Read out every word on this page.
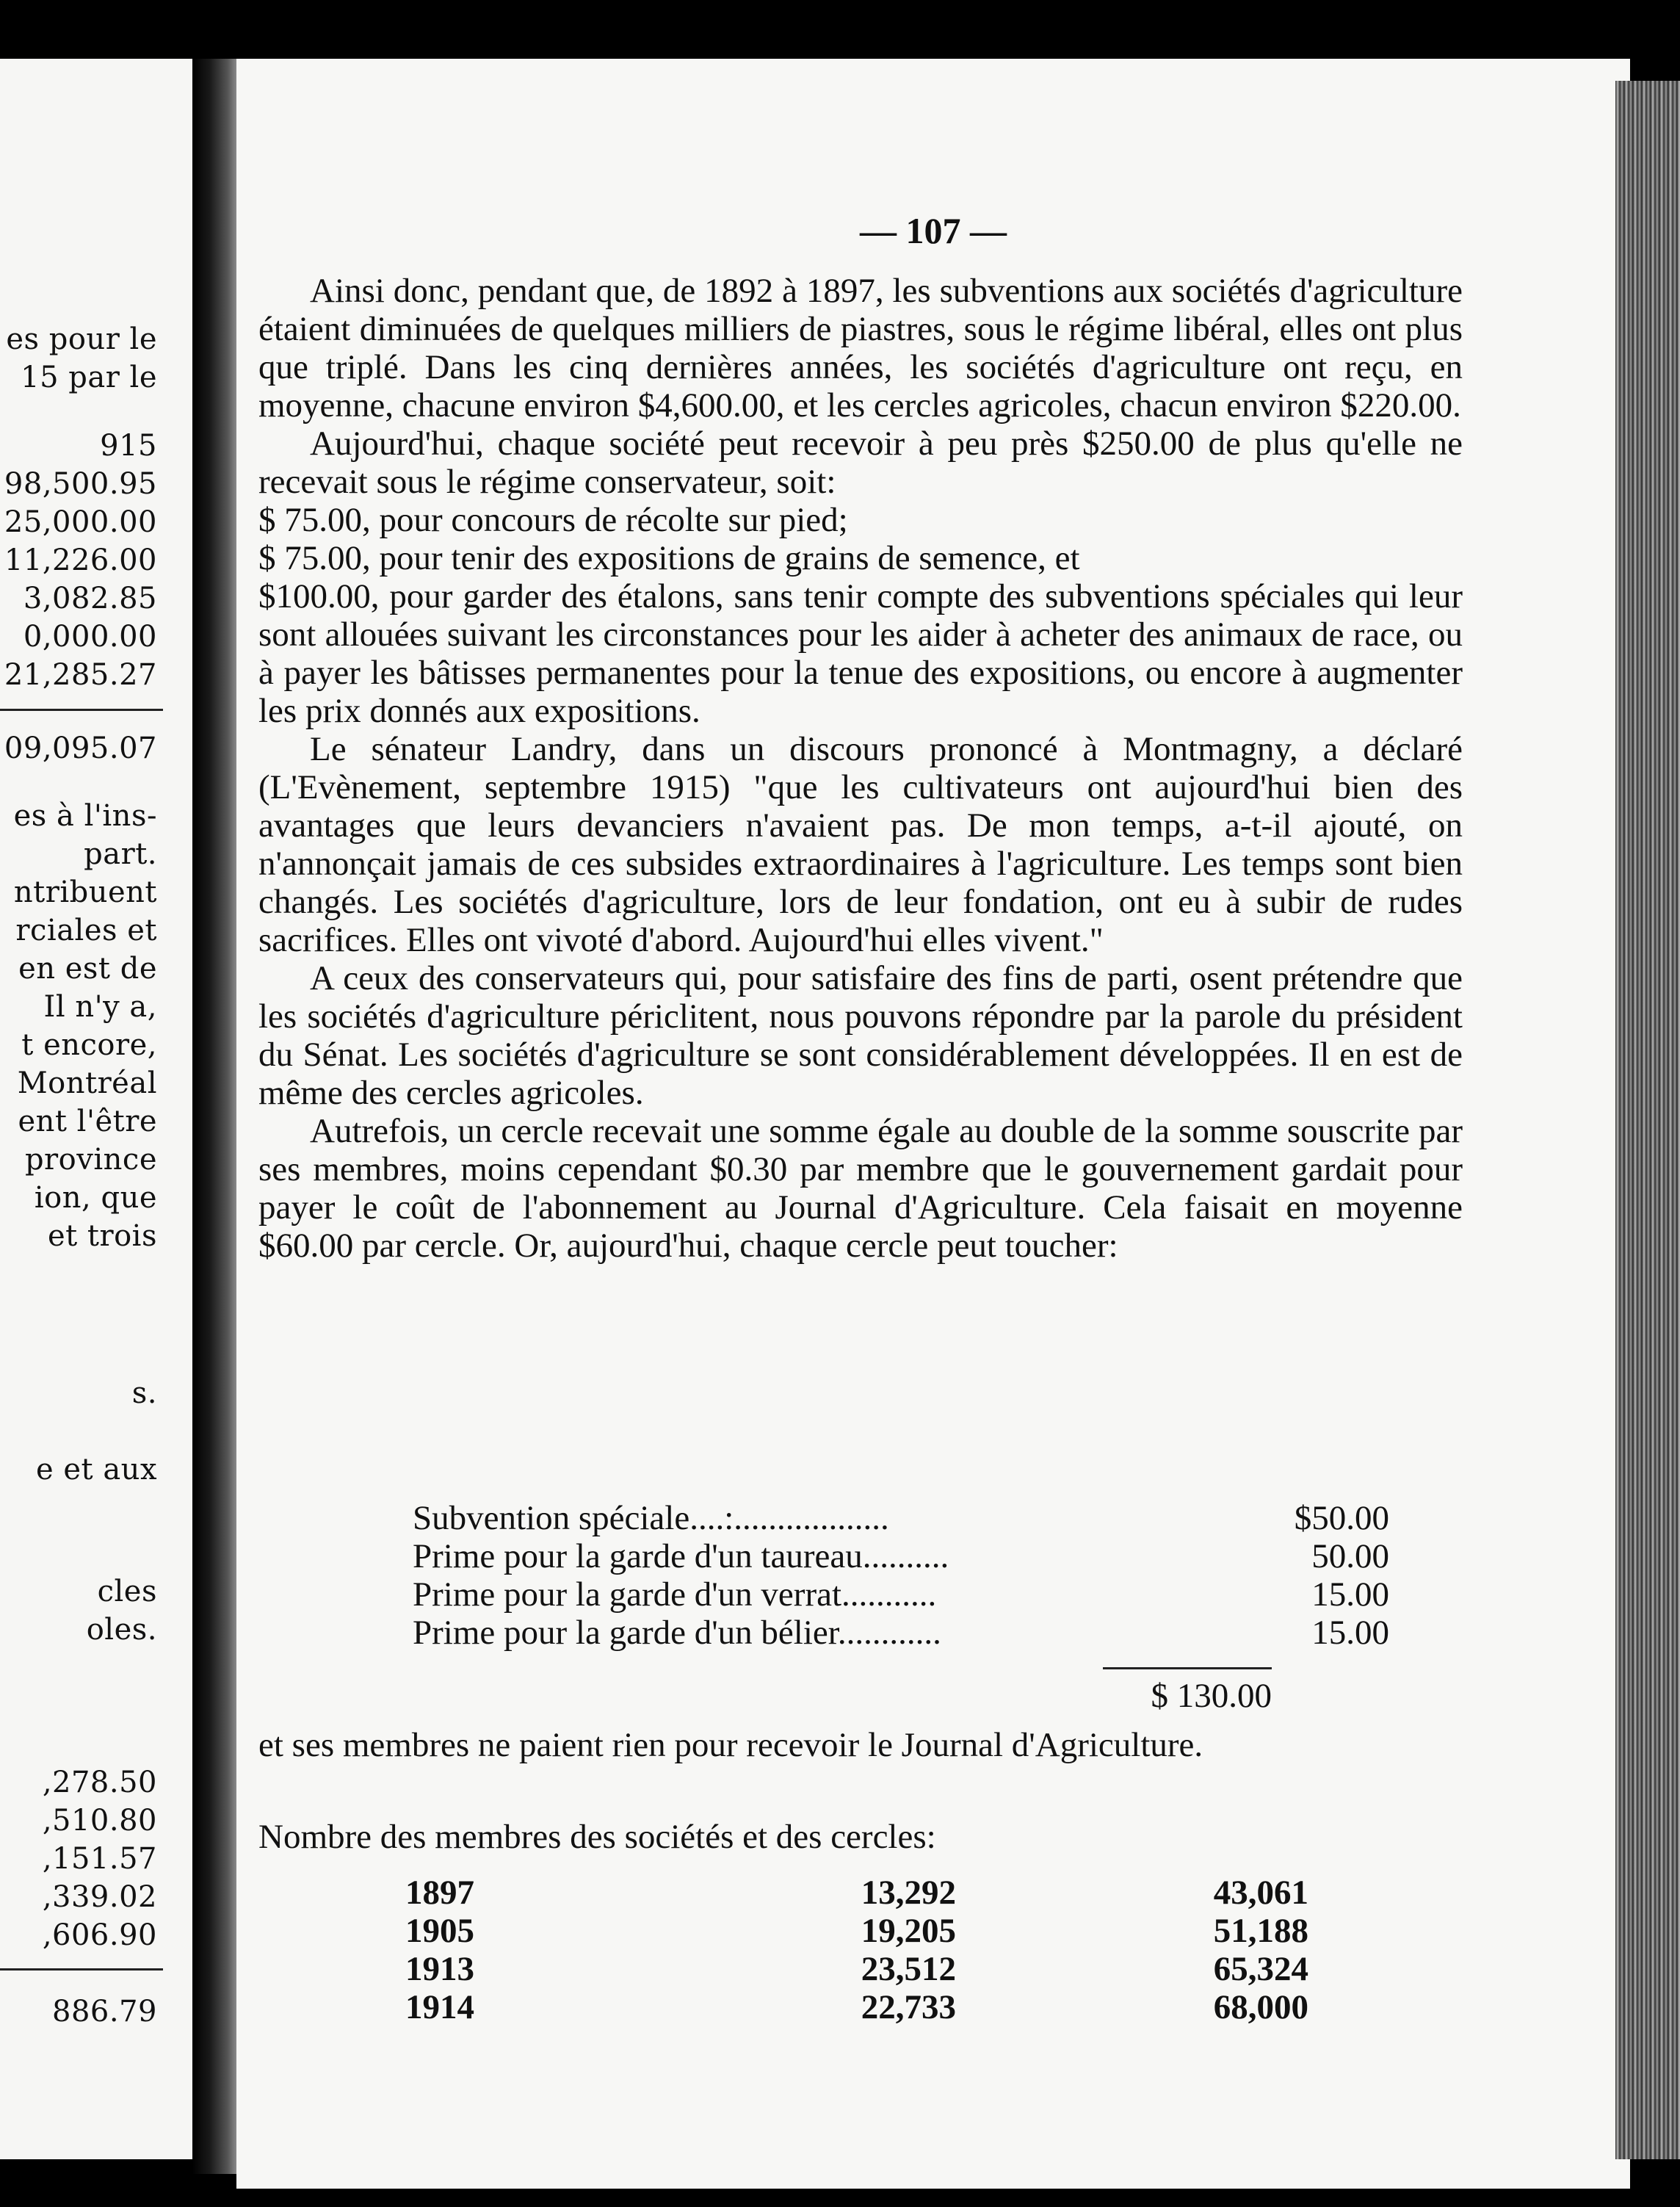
es pour le
15 par le
915
98,500.95
25,000.00
11,226.00
3,082.85
0,000.00
21,285.27
09,095.07
es à l'ins-
part.
ntribuent
rciales et
en est de
Il n'y a,
t encore,
Montréal
ent l'être
province
ion, que
et trois
s.
e et aux
cles
oles.
,278.50
,510.80
,151.57
,339.02
,606.90
886.79
— 107 —

Ainsi donc, pendant que, de 1892 à 1897, les subventions aux sociétés d'agriculture étaient diminuées de quelques milliers de piastres, sous le régime libéral, elles ont plus que triplé. Dans les cinq dernières années, les sociétés d'agriculture ont reçu, en moyenne, chacune environ $4,600.00, et les cercles agricoles, chacun environ $220.00.

Aujourd'hui, chaque société peut recevoir à peu près $250.00 de plus qu'elle ne recevait sous le régime conservateur, soit:

$ 75.00, pour concours de récolte sur pied;

$ 75.00, pour tenir des expositions de grains de semence, et

$100.00, pour garder des étalons, sans tenir compte des subventions spéciales qui leur sont allouées suivant les circonstances pour les aider à acheter des animaux de race, ou à payer les bâtisses permanentes pour la tenue des expositions, ou encore à augmenter les prix donnés aux expositions.

Le sénateur Landry, dans un discours prononcé à Montmagny, a déclaré (L'Evènement, septembre 1915) "que les cultivateurs ont aujourd'hui bien des avantages que leurs devanciers n'avaient pas. De mon temps, a-t-il ajouté, on n'annonçait jamais de ces subsides extraordinaires à l'agriculture. Les temps sont bien changés. Les sociétés d'agriculture, lors de leur fondation, ont eu à subir de rudes sacrifices. Elles ont vivoté d'abord. Aujourd'hui elles vivent."

A ceux des conservateurs qui, pour satisfaire des fins de parti, osent prétendre que les sociétés d'agriculture périclitent, nous pouvons répondre par la parole du président du Sénat. Les sociétés d'agriculture se sont considérablement développées. Il en est de même des cercles agricoles.

Autrefois, un cercle recevait une somme égale au double de la somme souscrite par ses membres, moins cependant $0.30 par membre que le gouvernement gardait pour payer le coût de l'abonnement au Journal d'Agriculture. Cela faisait en moyenne $60.00 par cercle. Or, aujourd'hui, chaque cercle peut toucher:

Subvention spéciale....:..................	$50.00
Prime pour la garde d'un taureau..........	50.00
Prime pour la garde d'un verrat...........	15.00
Prime pour la garde d'un bélier............	15.00
$ 130.00
et ses membres ne paient rien pour recevoir le Journal d'Agriculture.
Nombre des membres des sociétés et des cercles:
1897	13,292	43,061
1905	19,205	51,188
1913	23,512	65,324
1914	22,733	68,000
